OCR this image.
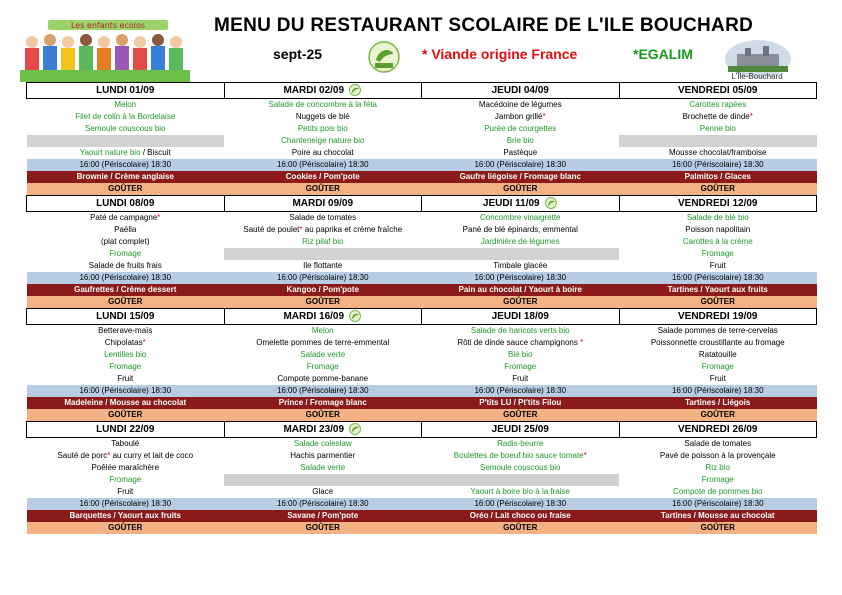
Les enfants ecolos	MENU DU RESTAURANT SCOLAIRE DE L'ILE BOUCHARD
sept-25	* Viande origine France	*EGALIM
L'Île-Bouchard
LUNDI 01/09	MARDI 02/09	JEUDI 04/09	VENDREDI 05/09
Melon	Salade de concombre à la féta	Macédoine de légumes	Carottes rapées
Filet de colin à la Bordelaise	Nuggets de blé	Jambon grillé*	Brochette de dinde*
Semoule couscous bio	Petits pois bio	Purée de courgettes	Penne bio
	Chanteneige nature bio	Brie bio	
Yaourt nature bio / Biscuit	Poire au chocolat	Pastèque	Mousse chocolat/framboise
16:00 (Périscolaire) 18:30	16:00 (Périscolaire) 18:30	16:00 (Périscolaire) 18:30	16:00 (Périscolaire) 18:30
Brownie / Crème anglaise	Cookies / Pom'pote	Gaufre liégoise / Fromage blanc	Palmitos / Glaces
GOÛTER	GOÛTER	GOÛTER	GOÛTER
LUNDI 08/09	MARDI 09/09	JEUDI 11/09	VENDREDI 12/09
Paté de campagne*	Salade de tomates	Concombre vinaigrette	Salade de blé bio
Paëlla	Sauté de poulet* au paprika et crème fraîche	Pané de blé épinards, emmental	Poisson napolitain
(plat complet)	Riz pilaf bio	Jardinière de légumes	Carottes à la crème
Fromage			Fromage
Salade de fruits frais	Ile flottante	Timbale glacée	Fruit
16:00 (Périscolaire) 18:30	16:00 (Périscolaire) 18:30	16:00 (Périscolaire) 18:30	16:00 (Périscolaire) 18:30
Gaufrettes / Crème dessert	Kangoo / Pom'pote	Pain au chocolat / Yaourt à boire	Tartines / Yaourt aux fruits
GOÛTER	GOÛTER	GOÛTER	GOÛTER
LUNDI 15/09	MARDI 16/09	JEUDI 18/09	VENDREDI 19/09
Betterave-maïs	Melon	Salade de haricots verts bio	Salade pommes de terre-cervelas
Chipolatas*	Omelette pommes de terre-emmental	Rôti de dinde sauce champignons *	Poissonnette croustillante au fromage
Lentilles bio	Salade verte	Blé bio	Ratatouille
Fromage	Fromage	Fromage	Fromage
Fruit	Compote pomme-banane	Fruit	Fruit
16:00 (Périscolaire) 18:30	16:00 (Périscolaire) 18:30	16:00 (Périscolaire) 18:30	16:00 (Périscolaire) 18:30
Madeleine / Mousse au chocolat	Prince / Fromage blanc	P'tits LU / Pt'tits Filou	Tartines / Liégois
GOÛTER	GOÛTER	GOÛTER	GOÛTER
LUNDI 22/09	MARDI 23/09	JEUDI 25/09	VENDREDI 26/09
Taboulé	Salade coleslaw	Radis-beurre	Salade de tomates
Sauté de porc* au curry et lait de coco	Hachis parmentier	Boulettes de boeuf bio sauce tomate*	Pavé de poisson à la provençale
Poêlée maraîchère	Salade verte	Semoule couscous bio	Riz bio
Fromage			Fromage
Fruit	Glace	Yaourt à boire bio à la fraise	Compote de pommes bio
16:00 (Périscolaire) 18:30	16:00 (Périscolaire) 18:30	16:00 (Périscolaire) 18:30	16:00 (Périscolaire) 18:30
Barquettes / Yaourt aux fruits	Savane / Pom'pote	Oréo / Lait choco ou fraise	Tartines / Mousse au chocolat
GOÛTER	GOÛTER	GOÛTER	GOÛTER
